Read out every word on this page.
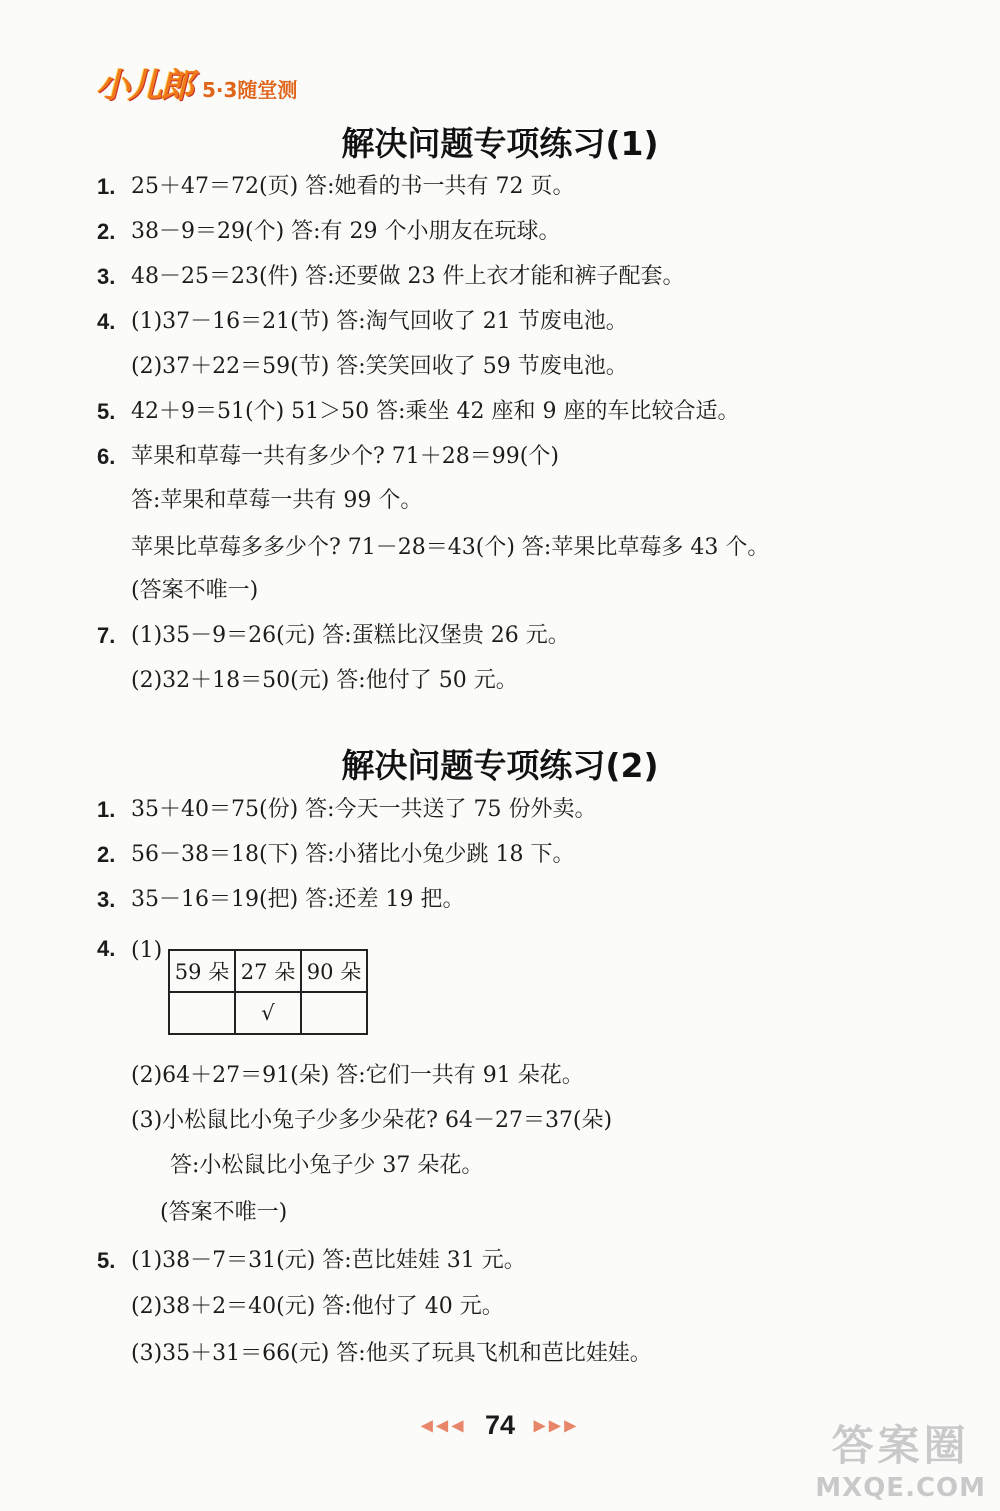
小儿郎 5·3随堂测
解决问题专项练习(1)
1. 25＋47＝72(页) 答:她看的书一共有 72 页。
2. 38－9＝29(个) 答:有 29 个小朋友在玩球。
3. 48－25＝23(件) 答:还要做 23 件上衣才能和裤子配套。
4. (1)37－16＝21(节) 答:淘气回收了 21 节废电池。
(2)37＋22＝59(节) 答:笑笑回收了 59 节废电池。
5. 42＋9＝51(个) 51＞50 答:乘坐 42 座和 9 座的车比较合适。
6. 苹果和草莓一共有多少个? 71＋28＝99(个)
答:苹果和草莓一共有 99 个。
苹果比草莓多多少个? 71－28＝43(个) 答:苹果比草莓多 43 个。
(答案不唯一)
7. (1)35－9＝26(元) 答:蛋糕比汉堡贵 26 元。
(2)32＋18＝50(元) 答:他付了 50 元。
解决问题专项练习(2)
1. 35＋40＝75(份) 答:今天一共送了 75 份外卖。
2. 56－38＝18(下) 答:小猪比小兔少跳 18 下。
3. 35－16＝19(把) 答:还差 19 把。
4. (1)
59 朵	27 朵	90 朵
	√	
(2)64＋27＝91(朵) 答:它们一共有 91 朵花。
(3)小松鼠比小兔子少多少朵花? 64－27＝37(朵)
答:小松鼠比小兔子少 37 朵花。
(答案不唯一)
5. (1)38－7＝31(元) 答:芭比娃娃 31 元。
(2)38＋2＝40(元) 答:他付了 40 元。
(3)35＋31＝66(元) 答:他买了玩具飞机和芭比娃娃。
◀◀◀ 74 ▶▶▶	答案圈
MXQE.COM
